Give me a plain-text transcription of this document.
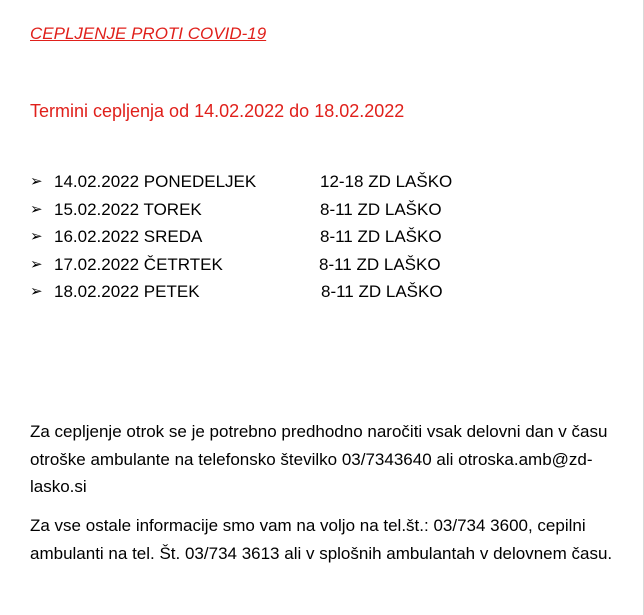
CEPLJENJE PROTI COVID-19
Termini cepljenja od 14.02.2022 do 18.02.2022
➢ 14.02.2022 PONEDELJEK	12-18 ZD LAŠKO
➢ 15.02.2022 TOREK	8-11 ZD LAŠKO
➢ 16.02.2022 SREDA	8-11 ZD LAŠKO
➢ 17.02.2022 ČETRTEK	8-11 ZD LAŠKO
➢ 18.02.2022 PETEK	8-11 ZD LAŠKO

Za cepljenje otrok se je potrebno predhodno naročiti vsak delovni dan v času otroške ambulante na telefonsko številko 03/7343640 ali otroska.amb@zd-lasko.si

Za vse ostale informacije smo vam na voljo na tel.št.: 03/734 3600, cepilni ambulanti na tel. Št. 03/734 3613 ali v splošnih ambulantah v delovnem času.
